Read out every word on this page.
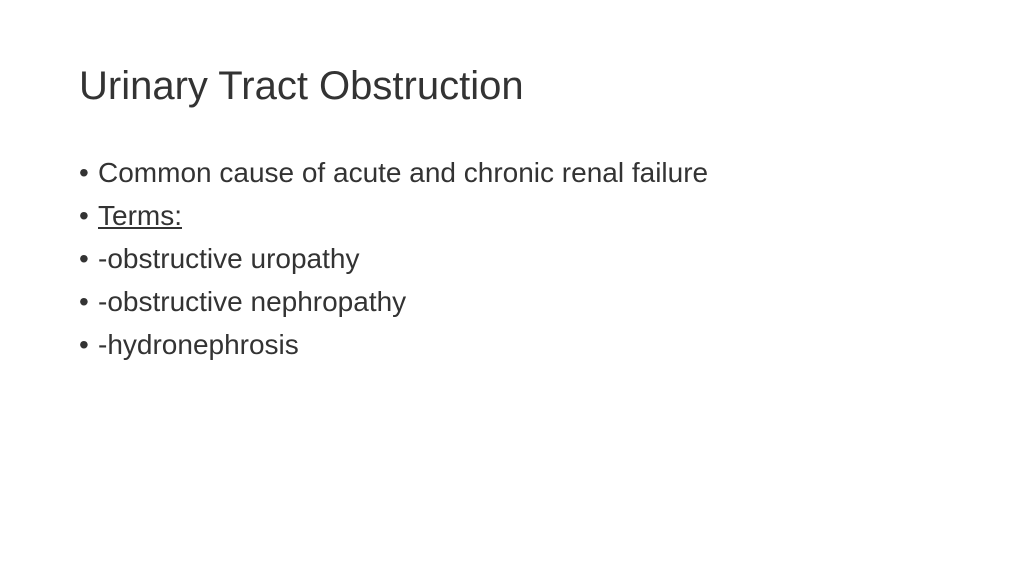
Urinary Tract Obstruction
• Common cause of acute and chronic renal failure
• Terms:
• -obstructive uropathy
• -obstructive nephropathy
• -hydronephrosis
